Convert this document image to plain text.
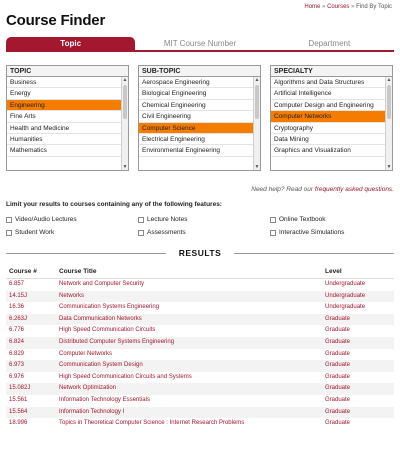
Home » Courses » Find By Topic
Course Finder
Topic	MIT Course Number	Department
TOPIC
Business
Energy
Engineering
Fine Arts
Health and Medicine
Humanities
Mathematics
▲
▼
SUB-TOPIC
Aerospace Engineering
Biological Engineering
Chemical Engineering
Civil Engineering
Computer Science
Electrical Engineering
Environmental Engineering
▲
▼
SPECIALTY
Algorithms and Data Structures
Artificial Intelligence
Computer Design and Engineering
Computer Networks
Cryptography
Data Mining
Graphics and Visualization
▲
▼
Need help? Read our frequently asked questions.
Limit your results to courses containing any of the following features:
Video/Audio Lectures	Lecture Notes	Online Textbook
Student Work	Assessments	Interactive Simulations
RESULTS
Course #	Course Title	Level
6.857	Network and Computer Security	Undergraduate
14.15J	Networks	Undergraduate
16.36	Communication Systems Engineering	Undergraduate
6.263J	Data Communication Networks	Graduate
6.776	High Speed Communication Circuits	Graduate
6.824	Distributed Computer Systems Engineering	Graduate
6.829	Computer Networks	Graduate
6.973	Communication System Design	Graduate
6.976	High Speed Communication Circuits and Systems	Graduate
15.082J	Network Optimization	Graduate
15.561	Information Technology Essentials	Graduate
15.564	Information Technology I	Graduate
18.996	Topics in Theoretical Computer Science : Internet Research Problems	Graduate
